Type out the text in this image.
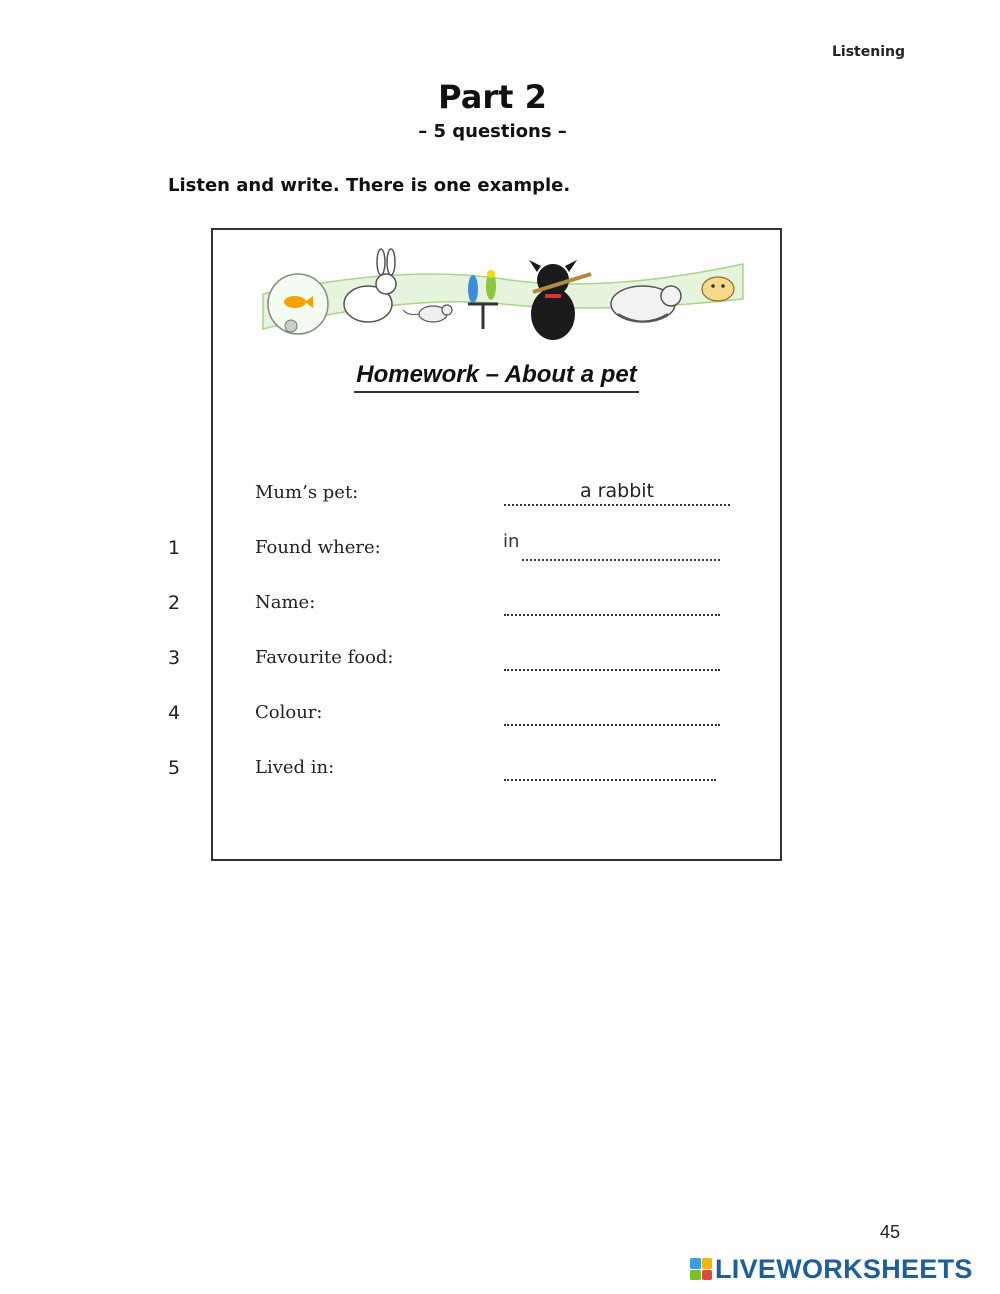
Listening
Part 2
– 5 questions –
Listen and write. There is one example.
Homework – About a pet
Mum’s pet:
a rabbit
1	Found where:	in
2	Name:
3	Favourite food:
4	Colour:
5	Lived in:
45
LIVEWORKSHEETS
